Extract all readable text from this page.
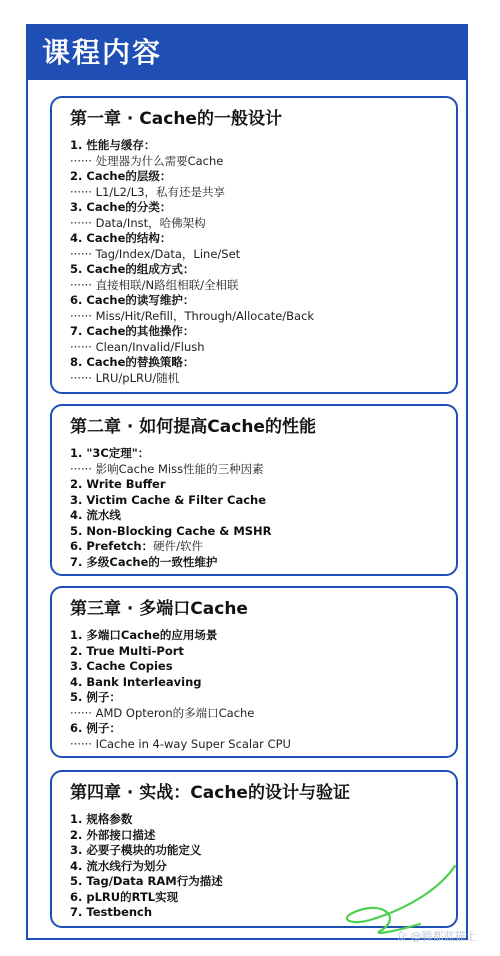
课程内容
第一章 · Cache的一般设计
1. 性能与缓存：
······ 处理器为什么需要Cache
2. Cache的层级：
······ L1/L2/L3，私有还是共享
3. Cache的分类：
······ Data/Inst，哈佛架构
4. Cache的结构：
······ Tag/Index/Data，Line/Set
5. Cache的组成方式：
······ 直接相联/N路组相联/全相联
6. Cache的读写维护：
······ Miss/Hit/Refill，Through/Allocate/Back
7. Cache的其他操作：
······ Clean/Invalid/Flush
8. Cache的替换策略：
······ LRU/pLRU/随机
第二章 · 如何提高Cache的性能
1. "3C定理"：
······ 影响Cache Miss性能的三种因素
2. Write Buffer
3. Victim Cache & Filter Cache
4. 流水线
5. Non-Blocking Cache & MSHR
6. Prefetch：硬件/软件
7. 多级Cache的一致性维护
第三章 · 多端口Cache
1. 多端口Cache的应用场景
2. True Multi-Port
3. Cache Copies
4. Bank Interleaving
5. 例子：
······ AMD Opteron的多端口Cache
6. 例子：
······ ICache in 4-way Super Scalar CPU
第四章 · 实战：Cache的设计与验证
1. 规格参数
2. 外部接口描述
3. 必要子模块的功能定义
4. 流水线行为划分
5. Tag/Data RAM行为描述
6. pLRU的RTL实现
7. Testbench
众 @腾都蓝猫士
